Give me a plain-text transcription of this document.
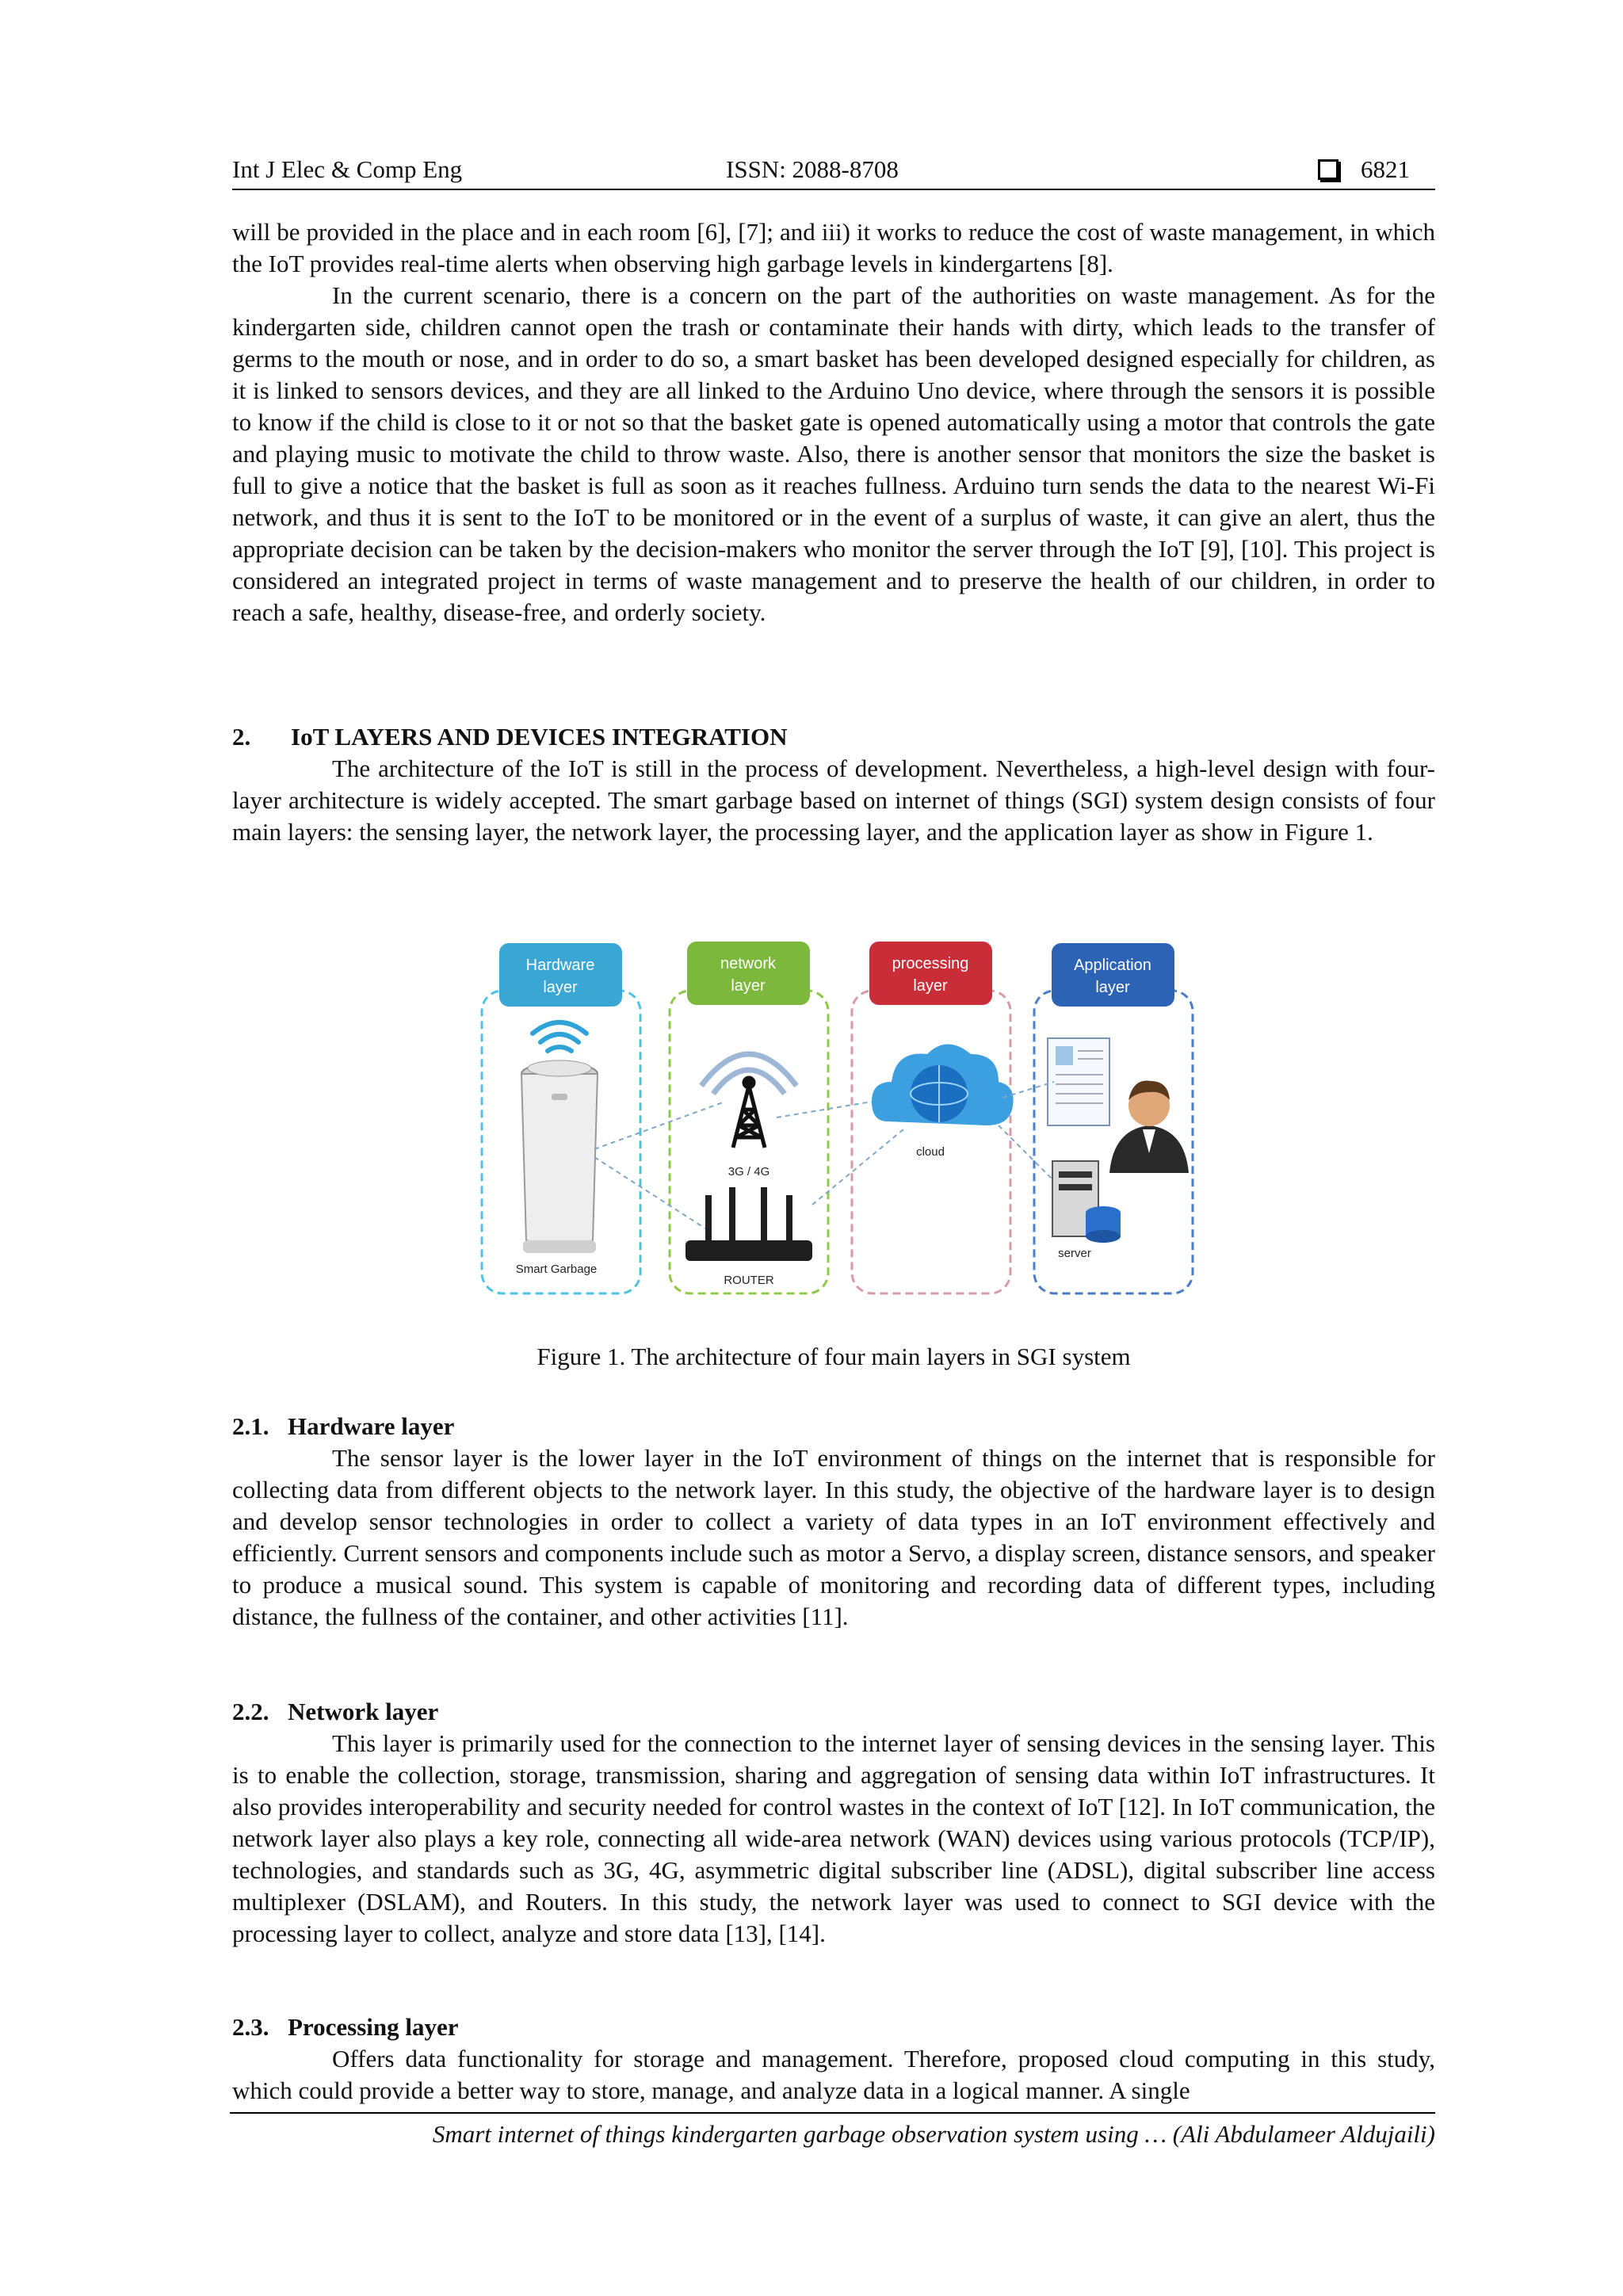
Int J Elec & Comp Eng	ISSN: 2088-8708	6821

will be provided in the place and in each room [6], [7]; and iii) it works to reduce the cost of waste management, in which the IoT provides real-time alerts when observing high garbage levels in kindergartens [8].

In the current scenario, there is a concern on the part of the authorities on waste management. As for the kindergarten side, children cannot open the trash or contaminate their hands with dirty, which leads to the transfer of germs to the mouth or nose, and in order to do so, a smart basket has been developed designed especially for children, as it is linked to sensors devices, and they are all linked to the Arduino Uno device, where through the sensors it is possible to know if the child is close to it or not so that the basket gate is opened automatically using a motor that controls the gate and playing music to motivate the child to throw waste. Also, there is another sensor that monitors the size the basket is full to give a notice that the basket is full as soon as it reaches fullness. Arduino turn sends the data to the nearest Wi-Fi network, and thus it is sent to the IoT to be monitored or in the event of a surplus of waste, it can give an alert, thus the appropriate decision can be taken by the decision-makers who monitor the server through the IoT [9], [10]. This project is considered an integrated project in terms of waste management and to preserve the health of our children, in order to reach a safe, healthy, disease-free, and orderly society.

2. IoT LAYERS AND DEVICES INTEGRATION

The architecture of the IoT is still in the process of development. Nevertheless, a high-level design with four-layer architecture is widely accepted. The smart garbage based on internet of things (SGI) system design consists of four main layers: the sensing layer, the network layer, the processing layer, and the application layer as show in Figure 1.

Hardware
layer
network
layer
processing
layer
Application
layer
Smart Garbage
3G / 4G
ROUTER
cloud
server

Figure 1. The architecture of four main layers in SGI system

2.1. Hardware layer

The sensor layer is the lower layer in the IoT environment of things on the internet that is responsible for collecting data from different objects to the network layer. In this study, the objective of the hardware layer is to design and develop sensor technologies in order to collect a variety of data types in an IoT environment effectively and efficiently. Current sensors and components include such as motor a Servo, a display screen, distance sensors, and speaker to produce a musical sound. This system is capable of monitoring and recording data of different types, including distance, the fullness of the container, and other activities [11].

2.2. Network layer

This layer is primarily used for the connection to the internet layer of sensing devices in the sensing layer. This is to enable the collection, storage, transmission, sharing and aggregation of sensing data within IoT infrastructures. It also provides interoperability and security needed for control wastes in the context of IoT [12]. In IoT communication, the network layer also plays a key role, connecting all wide-area network (WAN) devices using various protocols (TCP/IP), technologies, and standards such as 3G, 4G, asymmetric digital subscriber line (ADSL), digital subscriber line access multiplexer (DSLAM), and Routers. In this study, the network layer was used to connect to SGI device with the processing layer to collect, analyze and store data [13], [14].

2.3. Processing layer

Offers data functionality for storage and management. Therefore, proposed cloud computing in this study, which could provide a better way to store, manage, and analyze data in a logical manner. A single

Smart internet of things kindergarten garbage observation system using … (Ali Abdulameer Aldujaili)
